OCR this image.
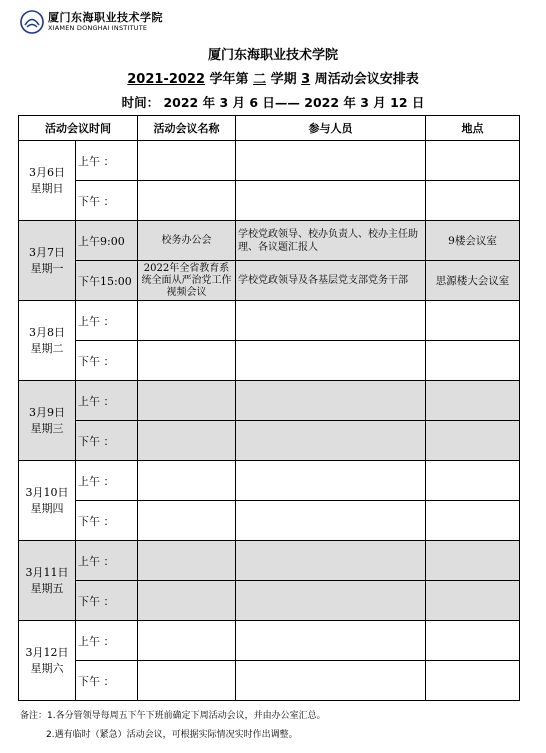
厦门东海职业技术学院
XIAMEN DONGHAI INSTITUTE
厦门东海职业技术学院
2021-2022 学年第 二 学期 3 周活动会议安排表
时间： 2022 年 3 月 6 日—— 2022 年 3 月 12 日
活动会议时间		活动会议名称	参与人员	地点

3月6日
星期日	上午 ：			
	下午 ：			

3月7日
星期一	上午9:00	校务办公会	学校党政领导、校办负责人、校办主任助理、各议题汇报人	9楼会议室
	下午15:00	2022年全省教育系统全面从严治党工作视频会议	学校党政领导及各基层党支部党务干部	思源楼大会议室

3月8日
星期二	上午 ：			
	下午 ：			

3月9日
星期三	上午 ：			
	下午 ：			

3月10日
星期四	上午 ：			
	下午 ：			

3月11日
星期五	上午 ：			
	下午 ：			

3月12日
星期六	上午 ：			
	下午 ：			
备注：1.各分管领导每周五下午下班前确定下周活动会议，并由办公室汇总。
2.遇有临时（紧急）活动会议，可根据实际情况实时作出调整。
